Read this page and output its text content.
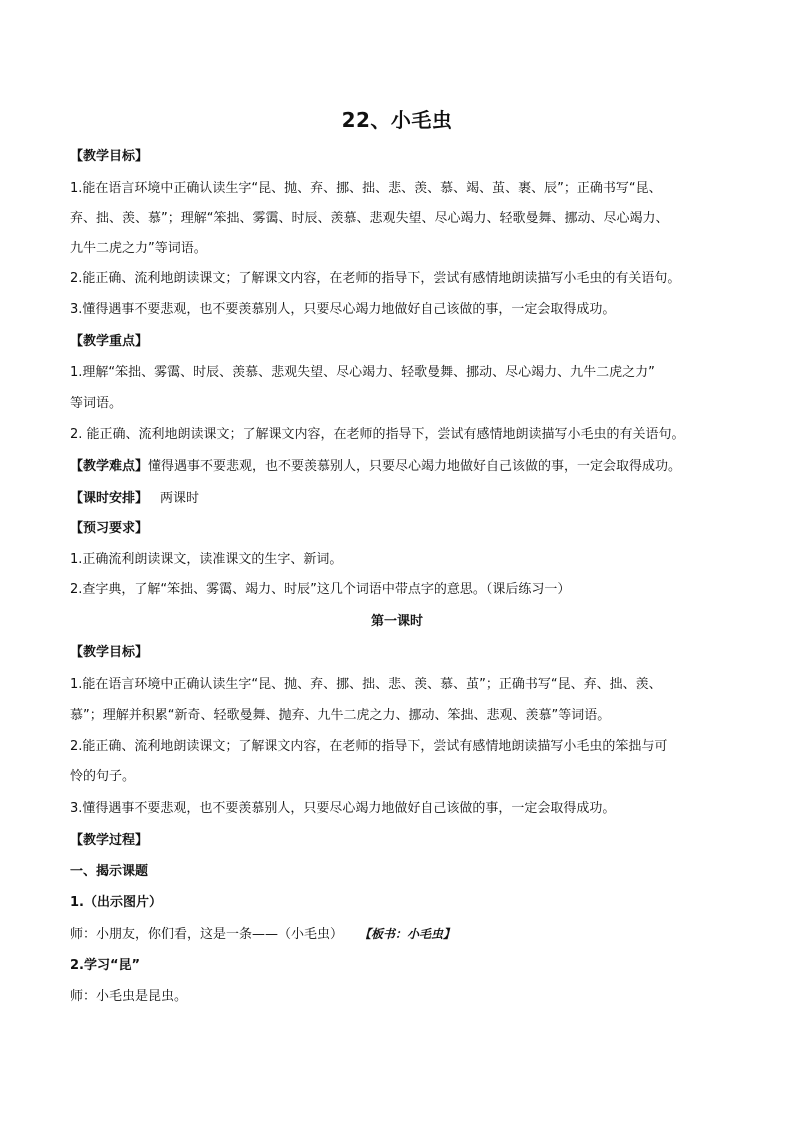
22、小毛虫
【教学目标】
1.能在语言环境中正确认读生字“昆、抛、弃、挪、拙、悲、羡、慕、竭、茧、裹、辰”；正确书写“昆、
弃、拙、羡、慕”；理解“笨拙、雾霭、时辰、羡慕、悲观失望、尽心竭力、轻歌曼舞、挪动、尽心竭力、
九牛二虎之力”等词语。
2.能正确、流利地朗读课文；了解课文内容，在老师的指导下，尝试有感情地朗读描写小毛虫的有关语句。
3.懂得遇事不要悲观，也不要羡慕别人，只要尽心竭力地做好自己该做的事，一定会取得成功。
【教学重点】
1.理解“笨拙、雾霭、时辰、羡慕、悲观失望、尽心竭力、轻歌曼舞、挪动、尽心竭力、九牛二虎之力”
等词语。
2. 能正确、流利地朗读课文；了解课文内容，在老师的指导下，尝试有感情地朗读描写小毛虫的有关语句。
【教学难点】懂得遇事不要悲观，也不要羡慕别人，只要尽心竭力地做好自己该做的事，一定会取得成功。
【课时安排】 两课时
【预习要求】
1.正确流利朗读课文，读准课文的生字、新词。
2.查字典，了解“笨拙、雾霭、竭力、时辰”这几个词语中带点字的意思。（课后练习一）
第一课时
【教学目标】
1.能在语言环境中正确认读生字“昆、抛、弃、挪、拙、悲、羡、慕、茧”；正确书写“昆、弃、拙、羡、
慕”；理解并积累“新奇、轻歌曼舞、抛弃、九牛二虎之力、挪动、笨拙、悲观、羡慕”等词语。
2.能正确、流利地朗读课文；了解课文内容，在老师的指导下，尝试有感情地朗读描写小毛虫的笨拙与可
怜的句子。
3.懂得遇事不要悲观，也不要羡慕别人，只要尽心竭力地做好自己该做的事，一定会取得成功。
【教学过程】
一、揭示课题
1.（出示图片）
师：小朋友，你们看，这是一条——（小毛虫） 【板书：小毛虫】
2.学习“昆”
师：小毛虫是昆虫。
